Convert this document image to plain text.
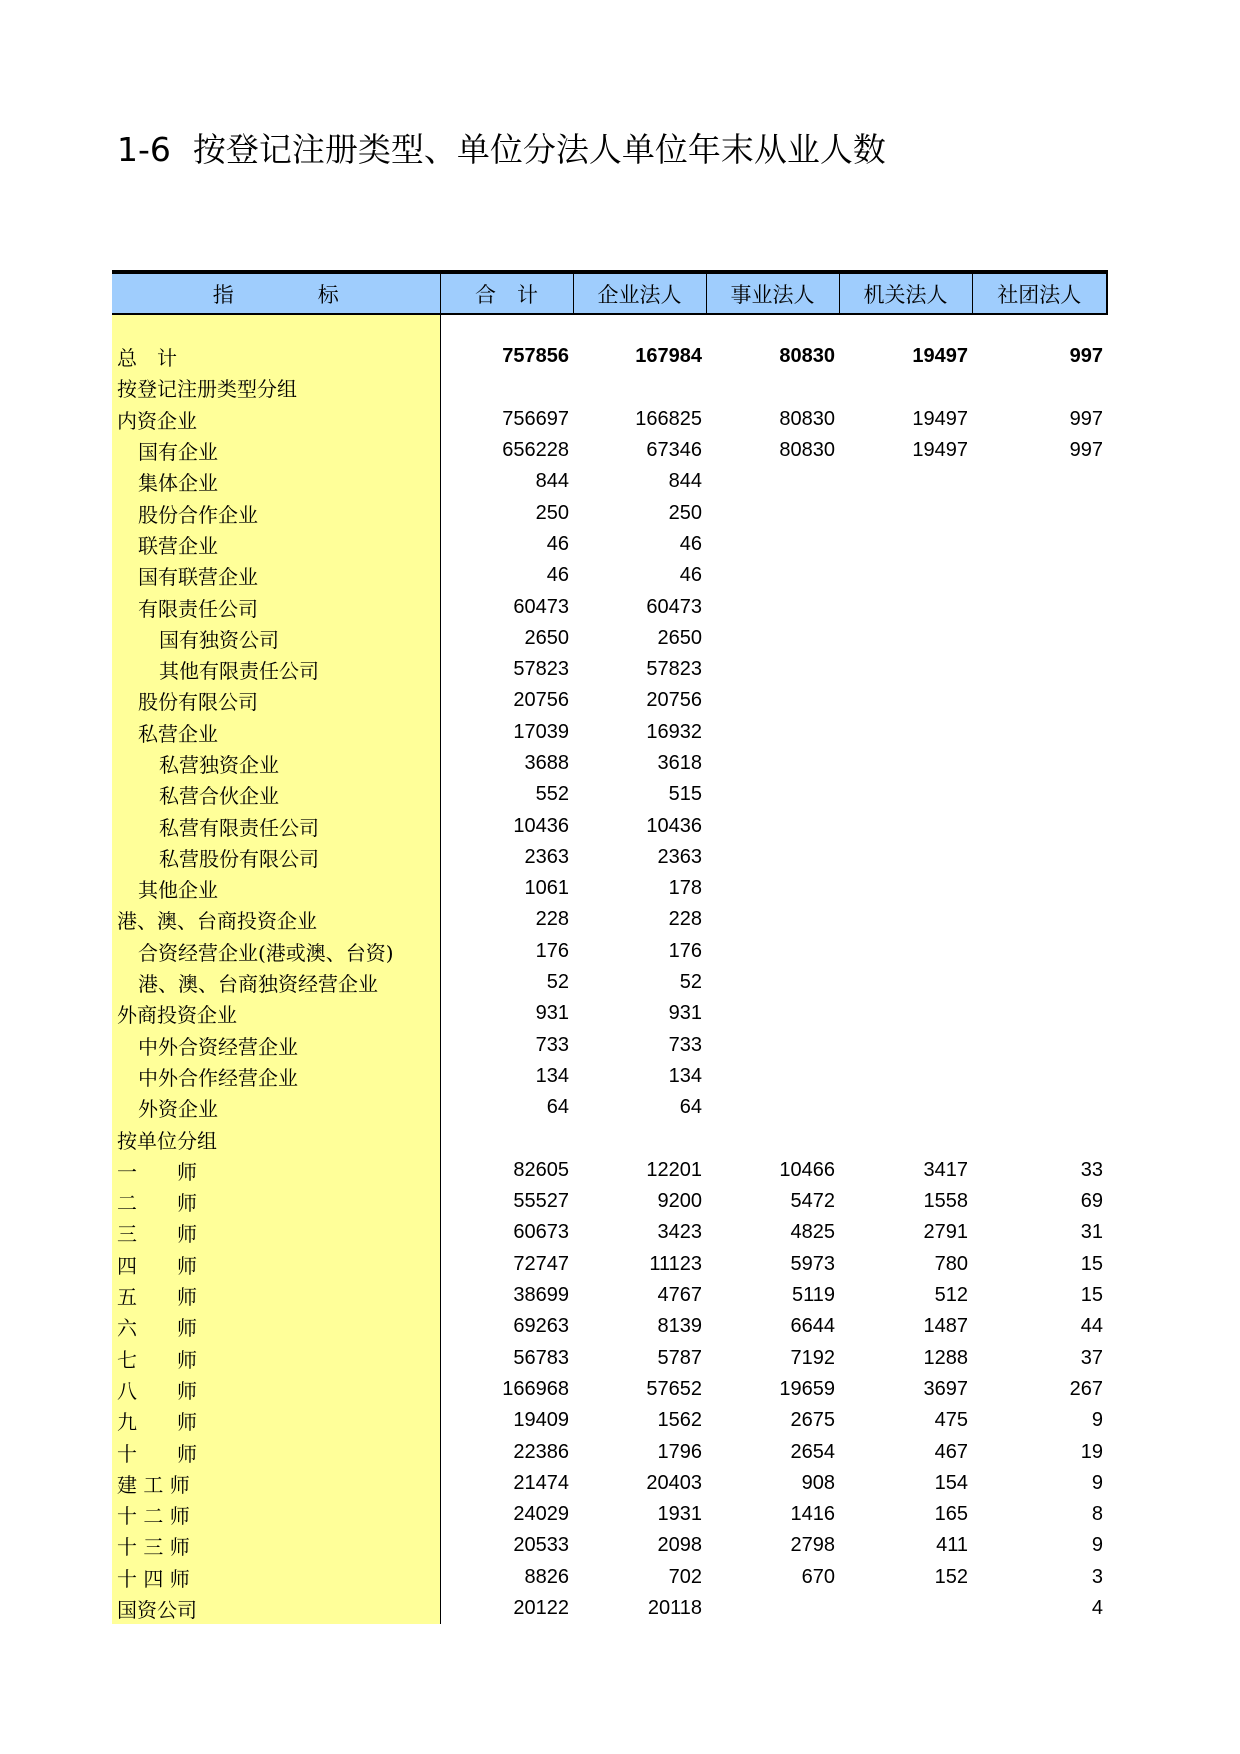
1-6 按登记注册类型、单位分法人单位年末从业人数
指　　　　标	合　计	企业法人	事业法人	机关法人	社团法人

总　计	757856	167984	80830	19497	997
按登记注册类型分组					
内资企业	756697	166825	80830	19497	997
国有企业	656228	67346	80830	19497	997
集体企业	844	844			
股份合作企业	250	250			
联营企业	46	46			
国有联营企业	46	46			
有限责任公司	60473	60473			
国有独资公司	2650	2650			
其他有限责任公司	57823	57823			
股份有限公司	20756	20756			
私营企业	17039	16932			
私营独资企业	3688	3618			
私营合伙企业	552	515			
私营有限责任公司	10436	10436			
私营股份有限公司	2363	2363			
其他企业	1061	178			
港、澳、台商投资企业	228	228			
合资经营企业(港或澳、台资)	176	176			
港、澳、台商独资经营企业	52	52			
外商投资企业	931	931			
中外合资经营企业	733	733			
中外合作经营企业	134	134			
外资企业	64	64			
按单位分组					
一　　师	82605	12201	10466	3417	33
二　　师	55527	9200	5472	1558	69
三　　师	60673	3423	4825	2791	31
四　　师	72747	11123	5973	780	15
五　　师	38699	4767	5119	512	15
六　　师	69263	8139	6644	1487	44
七　　师	56783	5787	7192	1288	37
八　　师	166968	57652	19659	3697	267
九　　师	19409	1562	2675	475	9
十　　师	22386	1796	2654	467	19
建 工 师	21474	20403	908	154	9
十 二 师	24029	1931	1416	165	8
十 三 师	20533	2098	2798	411	9
十 四 师	8826	702	670	152	3
国资公司	20122	20118			4
